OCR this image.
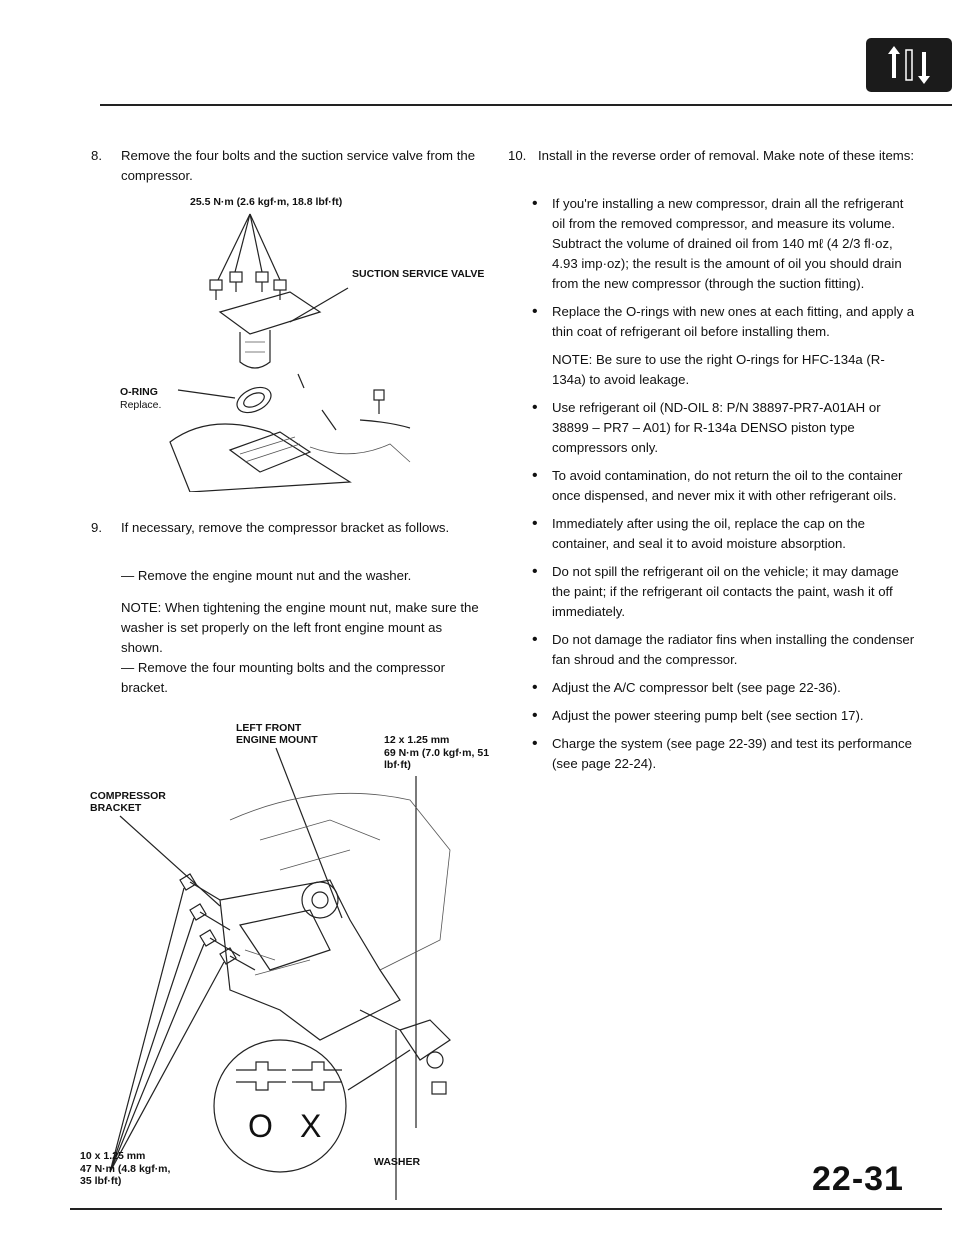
8. Remove the four bolts and the suction service valve from the compressor.
25.5 N·m (2.6 kgf·m, 18.8 lbf·ft)
SUCTION SERVICE VALVE
O-RING
Replace.
9. If necessary, remove the compressor bracket as follows.
— Remove the engine mount nut and the washer.
NOTE: When tightening the engine mount nut, make sure the washer is set properly on the left front engine mount as shown.
— Remove the four mounting bolts and the compressor bracket.
LEFT FRONT ENGINE MOUNT	12 x 1.25 mm
69 N·m (7.0 kgf·m, 51 lbf·ft)
COMPRESSOR BRACKET
O X
10 x 1.25 mm
47 N·m (4.8 kgf·m, 35 lbf·ft)
WASHER
10. Install in the reverse order of removal. Make note of these items:
• If you're installing a new compressor, drain all the refrigerant oil from the removed compressor, and measure its volume. Subtract the volume of drained oil from 140 mℓ (4 2/3 fl·oz, 4.93 imp·oz); the result is the amount of oil you should drain from the new compressor (through the suction fitting).
• Replace the O-rings with new ones at each fitting, and apply a thin coat of refrigerant oil before installing them.
NOTE: Be sure to use the right O-rings for HFC-134a (R-134a) to avoid leakage.
• Use refrigerant oil (ND-OIL 8: P/N 38897-PR7-A01AH or 38899 – PR7 – A01) for R-134a DENSO piston type compressors only.
• To avoid contamination, do not return the oil to the container once dispensed, and never mix it with other refrigerant oils.
• Immediately after using the oil, replace the cap on the container, and seal it to avoid moisture absorption.
• Do not spill the refrigerant oil on the vehicle; it may damage the paint; if the refrigerant oil contacts the paint, wash it off immediately.
• Do not damage the radiator fins when installing the condenser fan shroud and the compressor.
• Adjust the A/C compressor belt (see page 22-36).
• Adjust the power steering pump belt (see section 17).
• Charge the system (see page 22-39) and test its performance (see page 22-24).
22-31
